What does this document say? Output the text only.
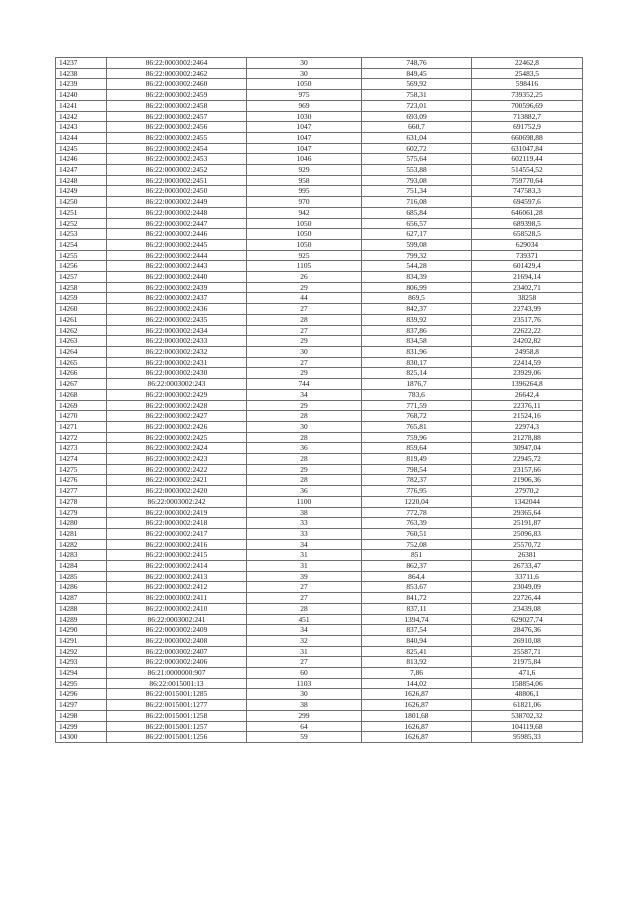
14237	86:22:0003002:2464	30	748,76	22462,8
14238	86:22:0003002:2462	30	849,45	25483,5
14239	86:22:0003002:2460	1050	569,92	598416
14240	86:22:0003002:2459	975	758,31	739352,25
14241	86:22:0003002:2458	969	723,01	700596,69
14242	86:22:0003002:2457	1030	693,09	713882,7
14243	86:22:0003002:2456	1047	660,7	691752,9
14244	86:22:0003002:2455	1047	631,04	660698,88
14245	86:22:0003002:2454	1047	602,72	631047,84
14246	86:22:0003002:2453	1046	575,64	602119,44
14247	86:22:0003002:2452	929	553,88	514554,52
14248	86:22:0003002:2451	958	793,08	759770,64
14249	86:22:0003002:2450	995	751,34	747583,3
14250	86:22:0003002:2449	970	716,08	694597,6
14251	86:22:0003002:2448	942	685,84	646061,28
14252	86:22:0003002:2447	1050	656,57	689398,5
14253	86:22:0003002:2446	1050	627,17	658528,5
14254	86:22:0003002:2445	1050	599,08	629034
14255	86:22:0003002:2444	925	799,32	739371
14256	86:22:0003002:2443	1105	544,28	601429,4
14257	86:22:0003002:2440	26	834,39	21694,14
14258	86:22:0003002:2439	29	806,99	23402,71
14259	86:22:0003002:2437	44	869,5	38258
14260	86:22:0003002:2436	27	842,37	22743,99
14261	86:22:0003002:2435	28	839,92	23517,76
14262	86:22:0003002:2434	27	837,86	22622,22
14263	86:22:0003002:2433	29	834,58	24202,82
14264	86:22:0003002:2432	30	831,96	24958,8
14265	86:22:0003002:2431	27	830,17	22414,59
14266	86:22:0003002:2430	29	825,14	23929,06
14267	86:22:0003002:243	744	1876,7	1396264,8
14268	86:22:0003002:2429	34	783,6	26642,4
14269	86:22:0003002:2428	29	771,59	22376,11
14270	86:22:0003002:2427	28	768,72	21524,16
14271	86:22:0003002:2426	30	765,81	22974,3
14272	86:22:0003002:2425	28	759,96	21278,88
14273	86:22:0003002:2424	36	859,64	30947,04
14274	86:22:0003002:2423	28	819,49	22945,72
14275	86:22:0003002:2422	29	798,54	23157,66
14276	86:22:0003002:2421	28	782,37	21906,36
14277	86:22:0003002:2420	36	776,95	27970,2
14278	86:22:0003002:242	1100	1220,04	1342044
14279	86:22:0003002:2419	38	772,78	29365,64
14280	86:22:0003002:2418	33	763,39	25191,87
14281	86:22:0003002:2417	33	760,51	25096,83
14282	86:22:0003002:2416	34	752,08	25570,72
14283	86:22:0003002:2415	31	851	26381
14284	86:22:0003002:2414	31	862,37	26733,47
14285	86:22:0003002:2413	39	864,4	33711,6
14286	86:22:0003002:2412	27	853,67	23049,09
14287	86:22:0003002:2411	27	841,72	22726,44
14288	86:22:0003002:2410	28	837,11	23439,08
14289	86:22:0003002:241	451	1394,74	629027,74
14290	86:22:0003002:2409	34	837,54	28476,36
14291	86:22:0003002:2408	32	840,94	26910,08
14292	86:22:0003002:2407	31	825,41	25587,71
14293	86:22:0003002:2406	27	813,92	21975,84
14294	86:21:0000000:907	60	7,86	471,6
14295	86:22:0015001:13	1103	144,02	158854,06
14296	86:22:0015001:1285	30	1626,87	48806,1
14297	86:22:0015001:1277	38	1626,87	61821,06
14298	86:22:0015001:1258	299	1801,68	538702,32
14299	86:22:0015001:1257	64	1626,87	104119,68
14300	86:22:0015001:1256	59	1626,87	95985,33
